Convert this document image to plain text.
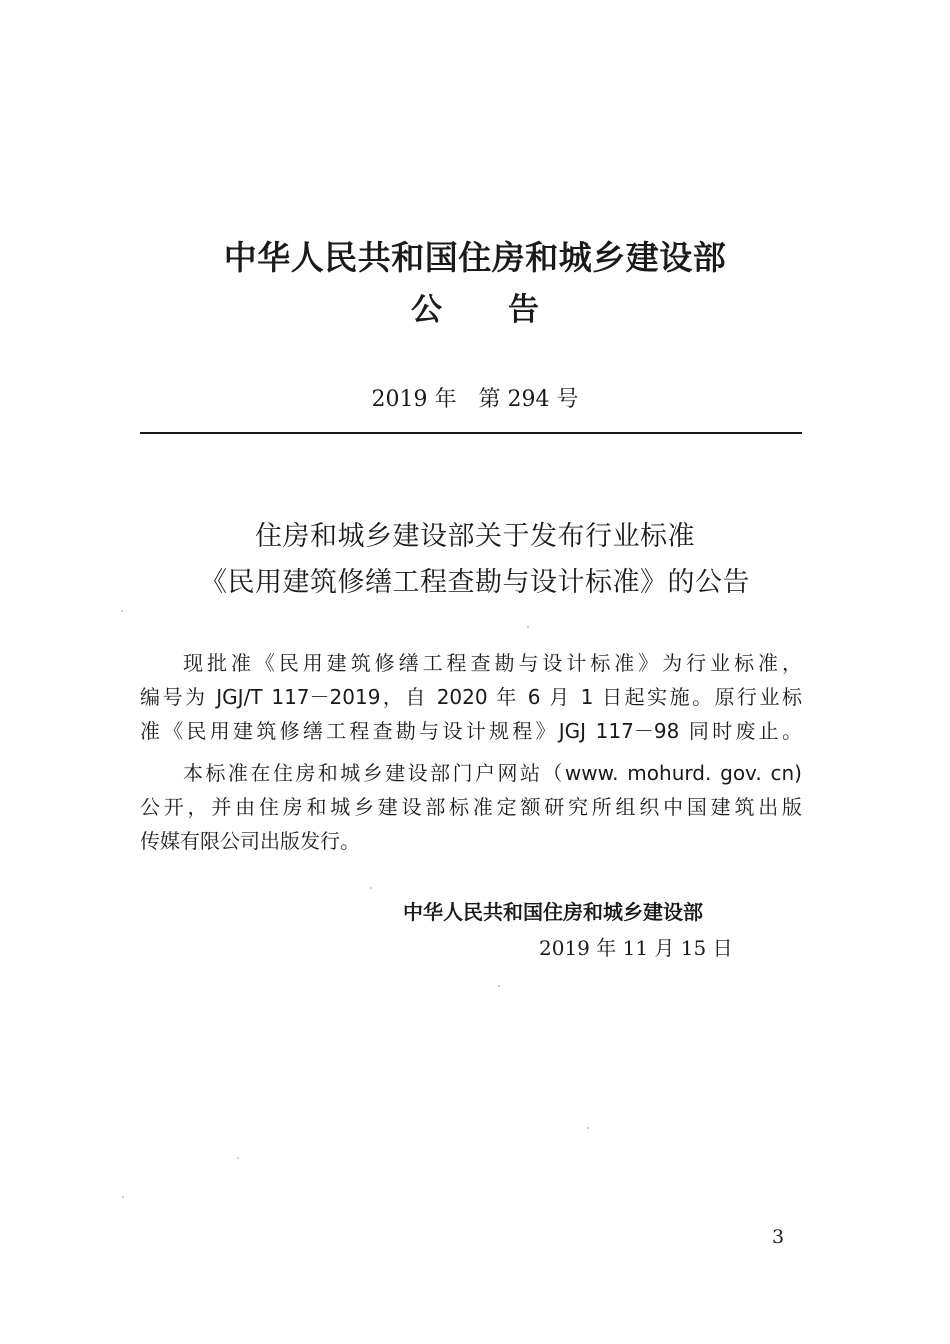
中华人民共和国住房和城乡建设部
公告
2019 年　第 294 号
住房和城乡建设部关于发布行业标准
《民用建筑修缮工程查勘与设计标准》的公告
现批准《民用建筑修缮工程查勘与设计标准》为行业标准，
编号为 JGJ/T 117－2019，自 2020 年 6 月 1 日起实施。原行业标
准《民用建筑修缮工程查勘与设计规程》JGJ 117－98 同时废止。
本标准在住房和城乡建设部门户网站（www. mohurd. gov. cn)
公开，并由住房和城乡建设部标准定额研究所组织中国建筑出版
传媒有限公司出版发行。
中华人民共和国住房和城乡建设部
2019 年 11 月 15 日
3
